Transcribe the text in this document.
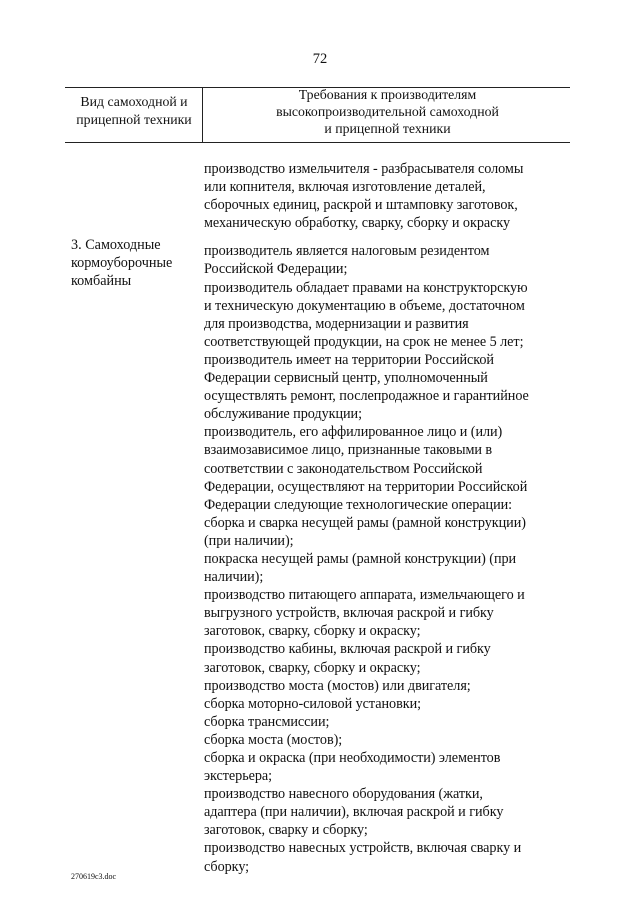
72
Вид самоходной и
прицепной техники
Требования к производителям
высокопроизводительной самоходной
и прицепной техники
3. Самоходные
кормоуборочные
комбайны
производство измельчителя - разбрасывателя соломы
или копнителя, включая изготовление деталей,
сборочных единиц, раскрой и штамповку заготовок,
механическую обработку, сварку, сборку и окраску
производитель является налоговым резидентом
Российской Федерации;
производитель обладает правами на конструкторскую
и техническую документацию в объеме, достаточном
для производства, модернизации и развития
соответствующей продукции, на срок не менее 5 лет;
производитель имеет на территории Российской
Федерации сервисный центр, уполномоченный
осуществлять ремонт, послепродажное и гарантийное
обслуживание продукции;
производитель, его аффилированное лицо и (или)
взаимозависимое лицо, признанные таковыми в
соответствии с законодательством Российской
Федерации, осуществляют на территории Российской
Федерации следующие технологические операции:
сборка и сварка несущей рамы (рамной конструкции)
(при наличии);
покраска несущей рамы (рамной конструкции) (при
наличии);
производство питающего аппарата, измельчающего и
выгрузного устройств, включая раскрой и гибку
заготовок, сварку, сборку и окраску;
производство кабины, включая раскрой и гибку
заготовок, сварку, сборку и окраску;
производство моста (мостов) или двигателя;
сборка моторно-силовой установки;
сборка трансмиссии;
сборка моста (мостов);
сборка и окраска (при необходимости) элементов
экстерьера;
производство навесного оборудования (жатки,
адаптера (при наличии), включая раскрой и гибку
заготовок, сварку и сборку;
производство навесных устройств, включая сварку и
сборку;
270619c3.doc
